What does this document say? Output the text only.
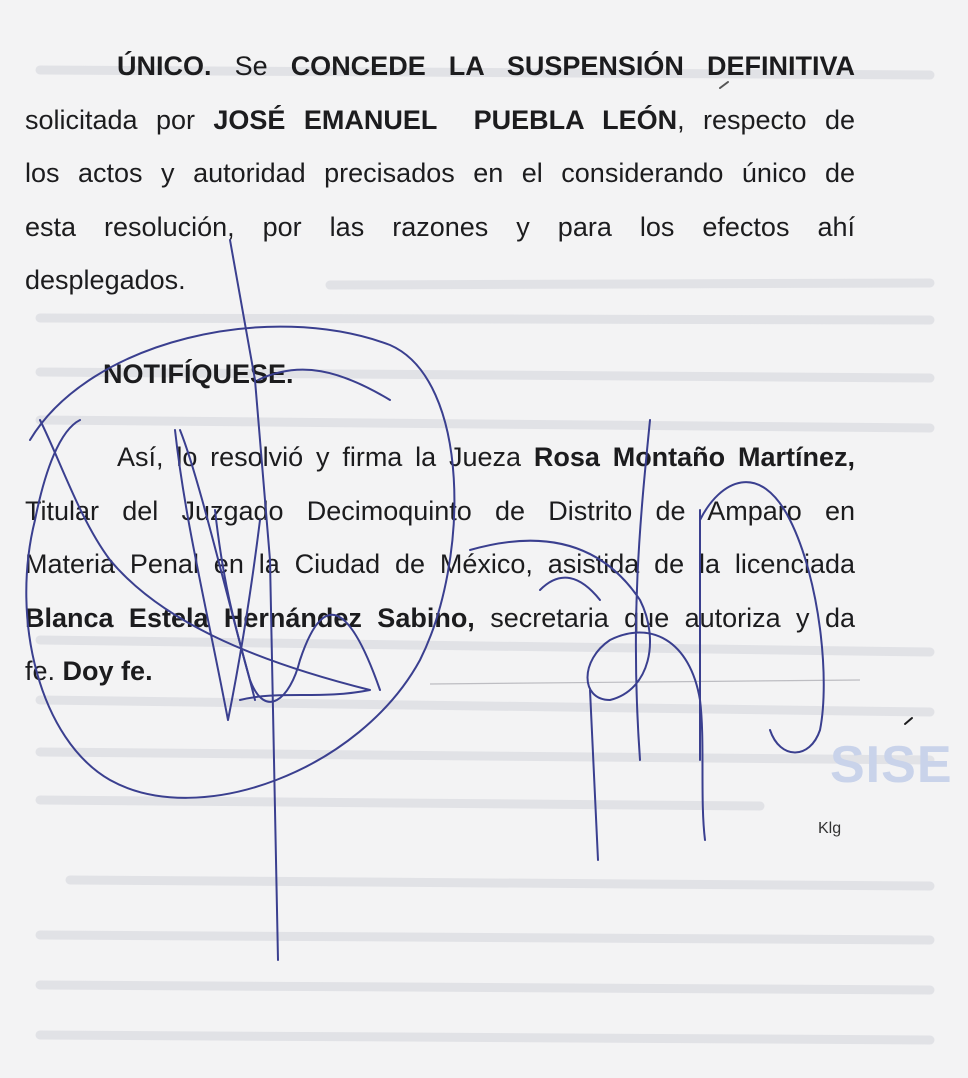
SISE

ÚNICO. Se CONCEDE LA SUSPENSIÓN DEFINITIVA

solicitada por JOSÉ EMANUEL  PUEBLA LEÓN, respecto de

los actos y autoridad precisados en el considerando único de

esta resolución, por las razones y para los efectos ahí

desplegados.

NOTIFÍQUESE.

Así, lo resolvió y firma la Jueza Rosa Montaño Martínez,

Titular del Juzgado Decimoquinto de Distrito de Amparo en

Materia Penal en la Ciudad de México, asistida de la licenciada

Blanca Estela Hernández Sabino, secretaria que autoriza y da

fe. Doy fe.

Klg
